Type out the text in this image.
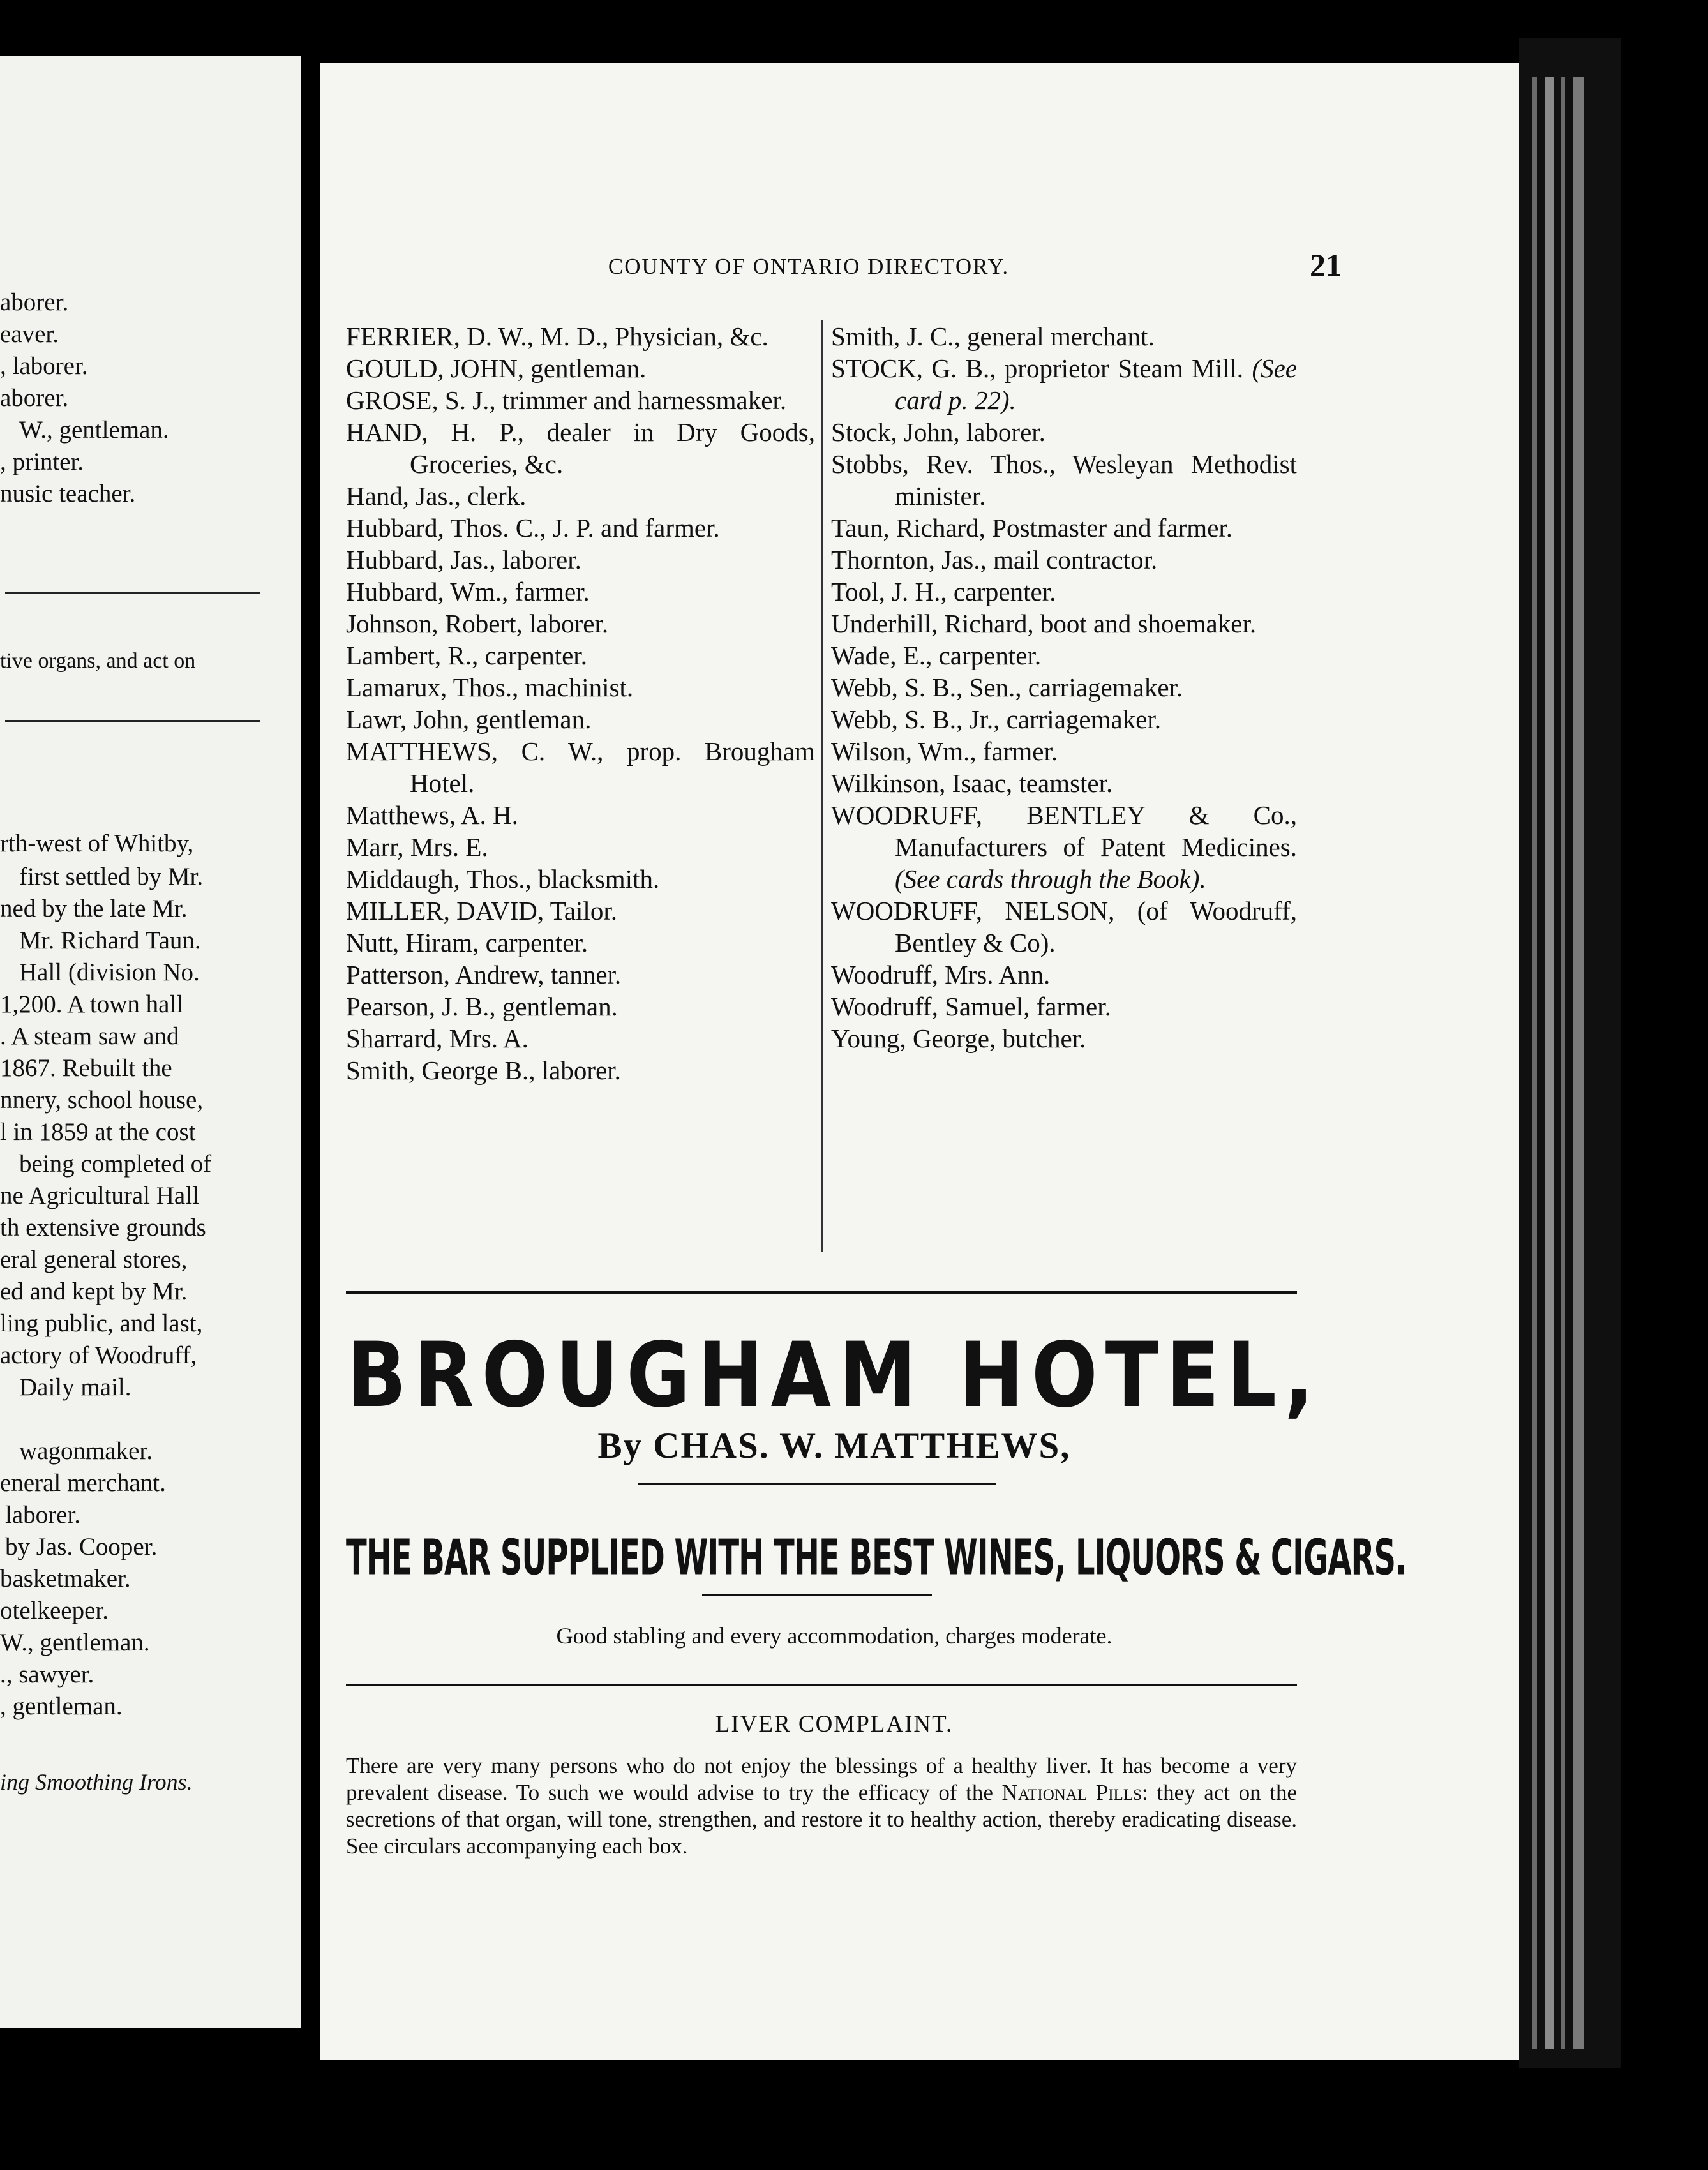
aborer.
eaver.
, laborer.
aborer.
W., gentleman.
, printer.
nusic teacher.
tive organs, and act on
rth-west of Whitby,
first settled by Mr.
ned by the late Mr.
Mr. Richard Taun.
Hall (division No.
1,200. A town hall
. A steam saw and
1867. Rebuilt the
nnery, school house,
l in 1859 at the cost
being completed of
ne Agricultural Hall
th extensive grounds
eral general stores,
ed and kept by Mr.
ling public, and last,
actory of Woodruff,
Daily mail.
wagonmaker.
eneral merchant.
laborer.
by Jas. Cooper.
basketmaker.
otelkeeper.
W., gentleman.
., sawyer.
, gentleman.
ing Smoothing Irons.
COUNTY OF ONTARIO DIRECTORY.	21
FERRIER, D. W., M. D., Physician, &c.
GOULD, JOHN, gentleman.
GROSE, S. J., trimmer and harnessmaker.
HAND, H. P., dealer in Dry Goods, Groceries, &c.
Hand, Jas., clerk.
Hubbard, Thos. C., J. P. and farmer.
Hubbard, Jas., laborer.
Hubbard, Wm., farmer.
Johnson, Robert, laborer.
Lambert, R., carpenter.
Lamarux, Thos., machinist.
Lawr, John, gentleman.
MATTHEWS, C. W., prop. Brougham Hotel.
Matthews, A. H.
Marr, Mrs. E.
Middaugh, Thos., blacksmith.
MILLER, DAVID, Tailor.
Nutt, Hiram, carpenter.
Patterson, Andrew, tanner.
Pearson, J. B., gentleman.
Sharrard, Mrs. A.
Smith, George B., laborer.
Smith, J. C., general merchant.
STOCK, G. B., proprietor Steam Mill. (See card p. 22).
Stock, John, laborer.
Stobbs, Rev. Thos., Wesleyan Methodist minister.
Taun, Richard, Postmaster and farmer.
Thornton, Jas., mail contractor.
Tool, J. H., carpenter.
Underhill, Richard, boot and shoemaker.
Wade, E., carpenter.
Webb, S. B., Sen., carriagemaker.
Webb, S. B., Jr., carriagemaker.
Wilson, Wm., farmer.
Wilkinson, Isaac, teamster.
WOODRUFF, BENTLEY & Co., Manufacturers of Patent Medicines. (See cards through the Book).
WOODRUFF, NELSON, (of Woodruff, Bentley & Co).
Woodruff, Mrs. Ann.
Woodruff, Samuel, farmer.
Young, George, butcher.
BROUGHAM HOTEL,
By CHAS. W. MATTHEWS,
THE BAR SUPPLIED WITH THE BEST WINES, LIQUORS & CIGARS.
Good stabling and every accommodation, charges moderate.
LIVER COMPLAINT.
There are very many persons who do not enjoy the blessings of a healthy liver. It has become a very prevalent disease. To such we would advise to try the efficacy of the National Pills: they act on the secretions of that organ, will tone, strengthen, and restore it to healthy action, thereby eradicating disease. See circulars accompanying each box.
